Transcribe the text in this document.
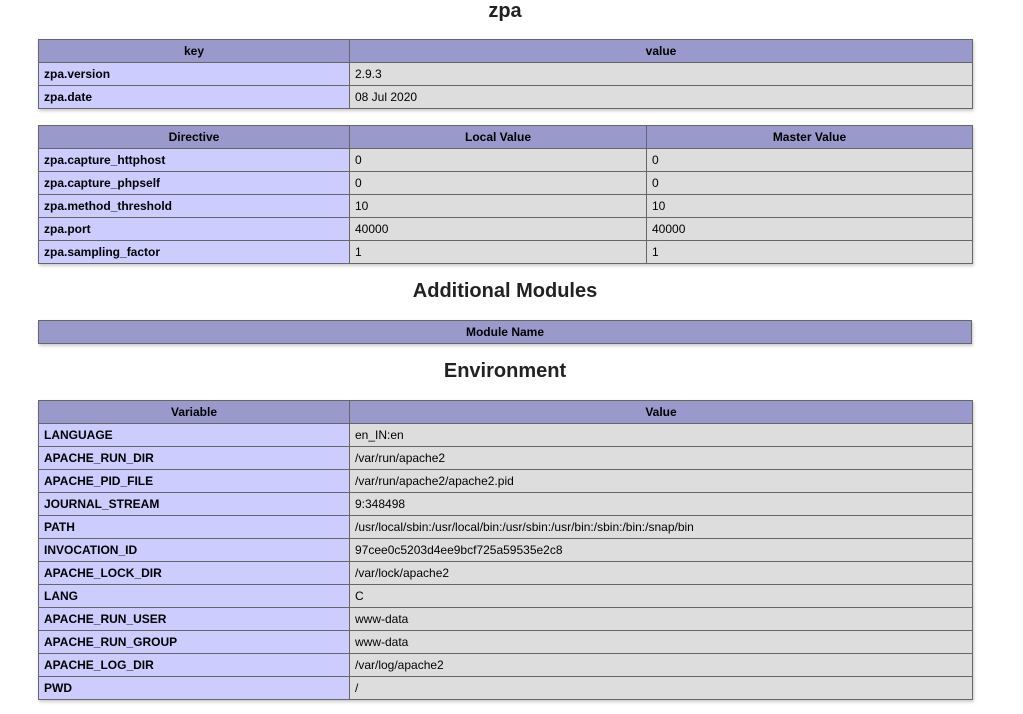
zpa
key	value
zpa.version	2.9.3
zpa.date	08 Jul 2020
Directive	Local Value	Master Value
zpa.capture_httphost	0	0
zpa.capture_phpself	0	0
zpa.method_threshold	10	10
zpa.port	40000	40000
zpa.sampling_factor	1	1
Additional Modules
Module Name
Environment
Variable	Value
LANGUAGE	en_IN:en
APACHE_RUN_DIR	/var/run/apache2
APACHE_PID_FILE	/var/run/apache2/apache2.pid
JOURNAL_STREAM	9:348498
PATH	/usr/local/sbin:/usr/local/bin:/usr/sbin:/usr/bin:/sbin:/bin:/snap/bin
INVOCATION_ID	97cee0c5203d4ee9bcf725a59535e2c8
APACHE_LOCK_DIR	/var/lock/apache2
LANG	C
APACHE_RUN_USER	www-data
APACHE_RUN_GROUP	www-data
APACHE_LOG_DIR	/var/log/apache2
PWD	/
